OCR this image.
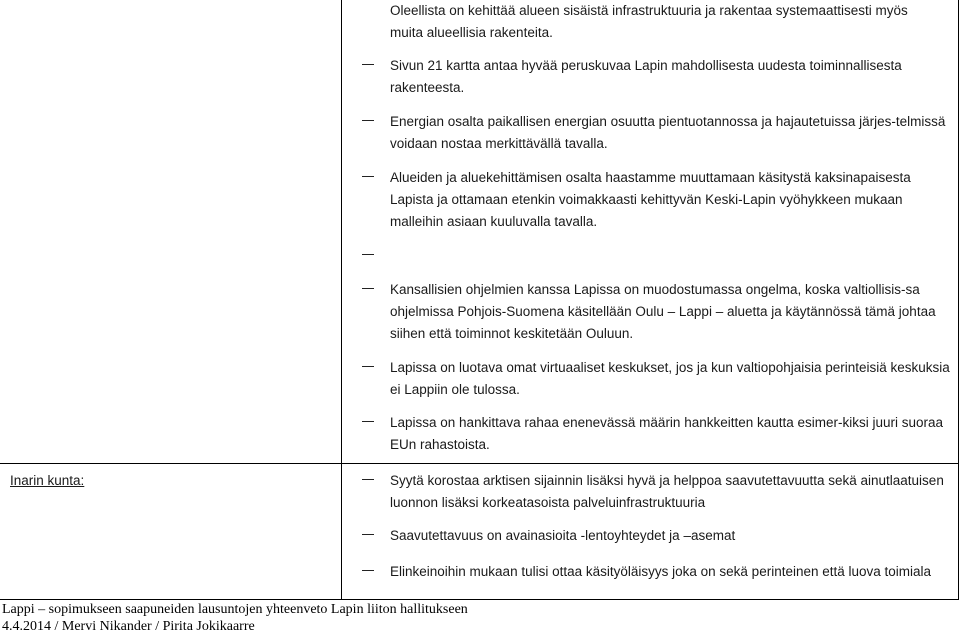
Oleellista on kehittää alueen sisäistä infrastruktuuria ja rakentaa systemaattisesti myös
muita alueellisia rakenteita.
Sivun 21 kartta antaa hyvää peruskuvaa Lapin mahdollisesta uudesta toiminnallisesta rakenteesta.
Energian osalta paikallisen energian osuutta pientuotannossa ja hajautetuissa järjes-telmissä voidaan nostaa merkittävällä tavalla.
Alueiden ja aluekehittämisen osalta haastamme muuttamaan käsitystä kaksinapaisesta Lapista ja ottamaan etenkin voimakkaasti kehittyvän Keski-Lapin vyöhykkeen mukaan malleihin asiaan kuuluvalla tavalla.
Kansallisien ohjelmien kanssa Lapissa on muodostumassa ongelma, koska valtiollisis-sa ohjelmissa Pohjois-Suomena käsitellään Oulu – Lappi – aluetta ja käytännössä tämä johtaa siihen että toiminnot keskitetään Ouluun.
Lapissa on luotava omat virtuaaliset keskukset, jos ja kun valtiopohjaisia perinteisiä keskuksia ei Lappiin ole tulossa.
Lapissa on hankittava rahaa enenevässä määrin hankkeitten kautta esimer-kiksi juuri suoraa EUn rahastoista.
Inarin kunta:	Syytä korostaa arktisen sijainnin lisäksi hyvä ja helppoa saavutettavuutta sekä ainutlaatuisen luonnon lisäksi korkeatasoista palveluinfrastruktuuria
Saavutettavuus on avainasioita -lentoyhteydet ja –asemat
Elinkeinoihin mukaan tulisi ottaa käsityöläisyys joka on sekä perinteinen että luova toimiala
Lappi – sopimukseen saapuneiden lausuntojen yhteenveto Lapin liiton hallitukseen
4.4.2014 / Mervi Nikander / Pirita Jokikaarre
